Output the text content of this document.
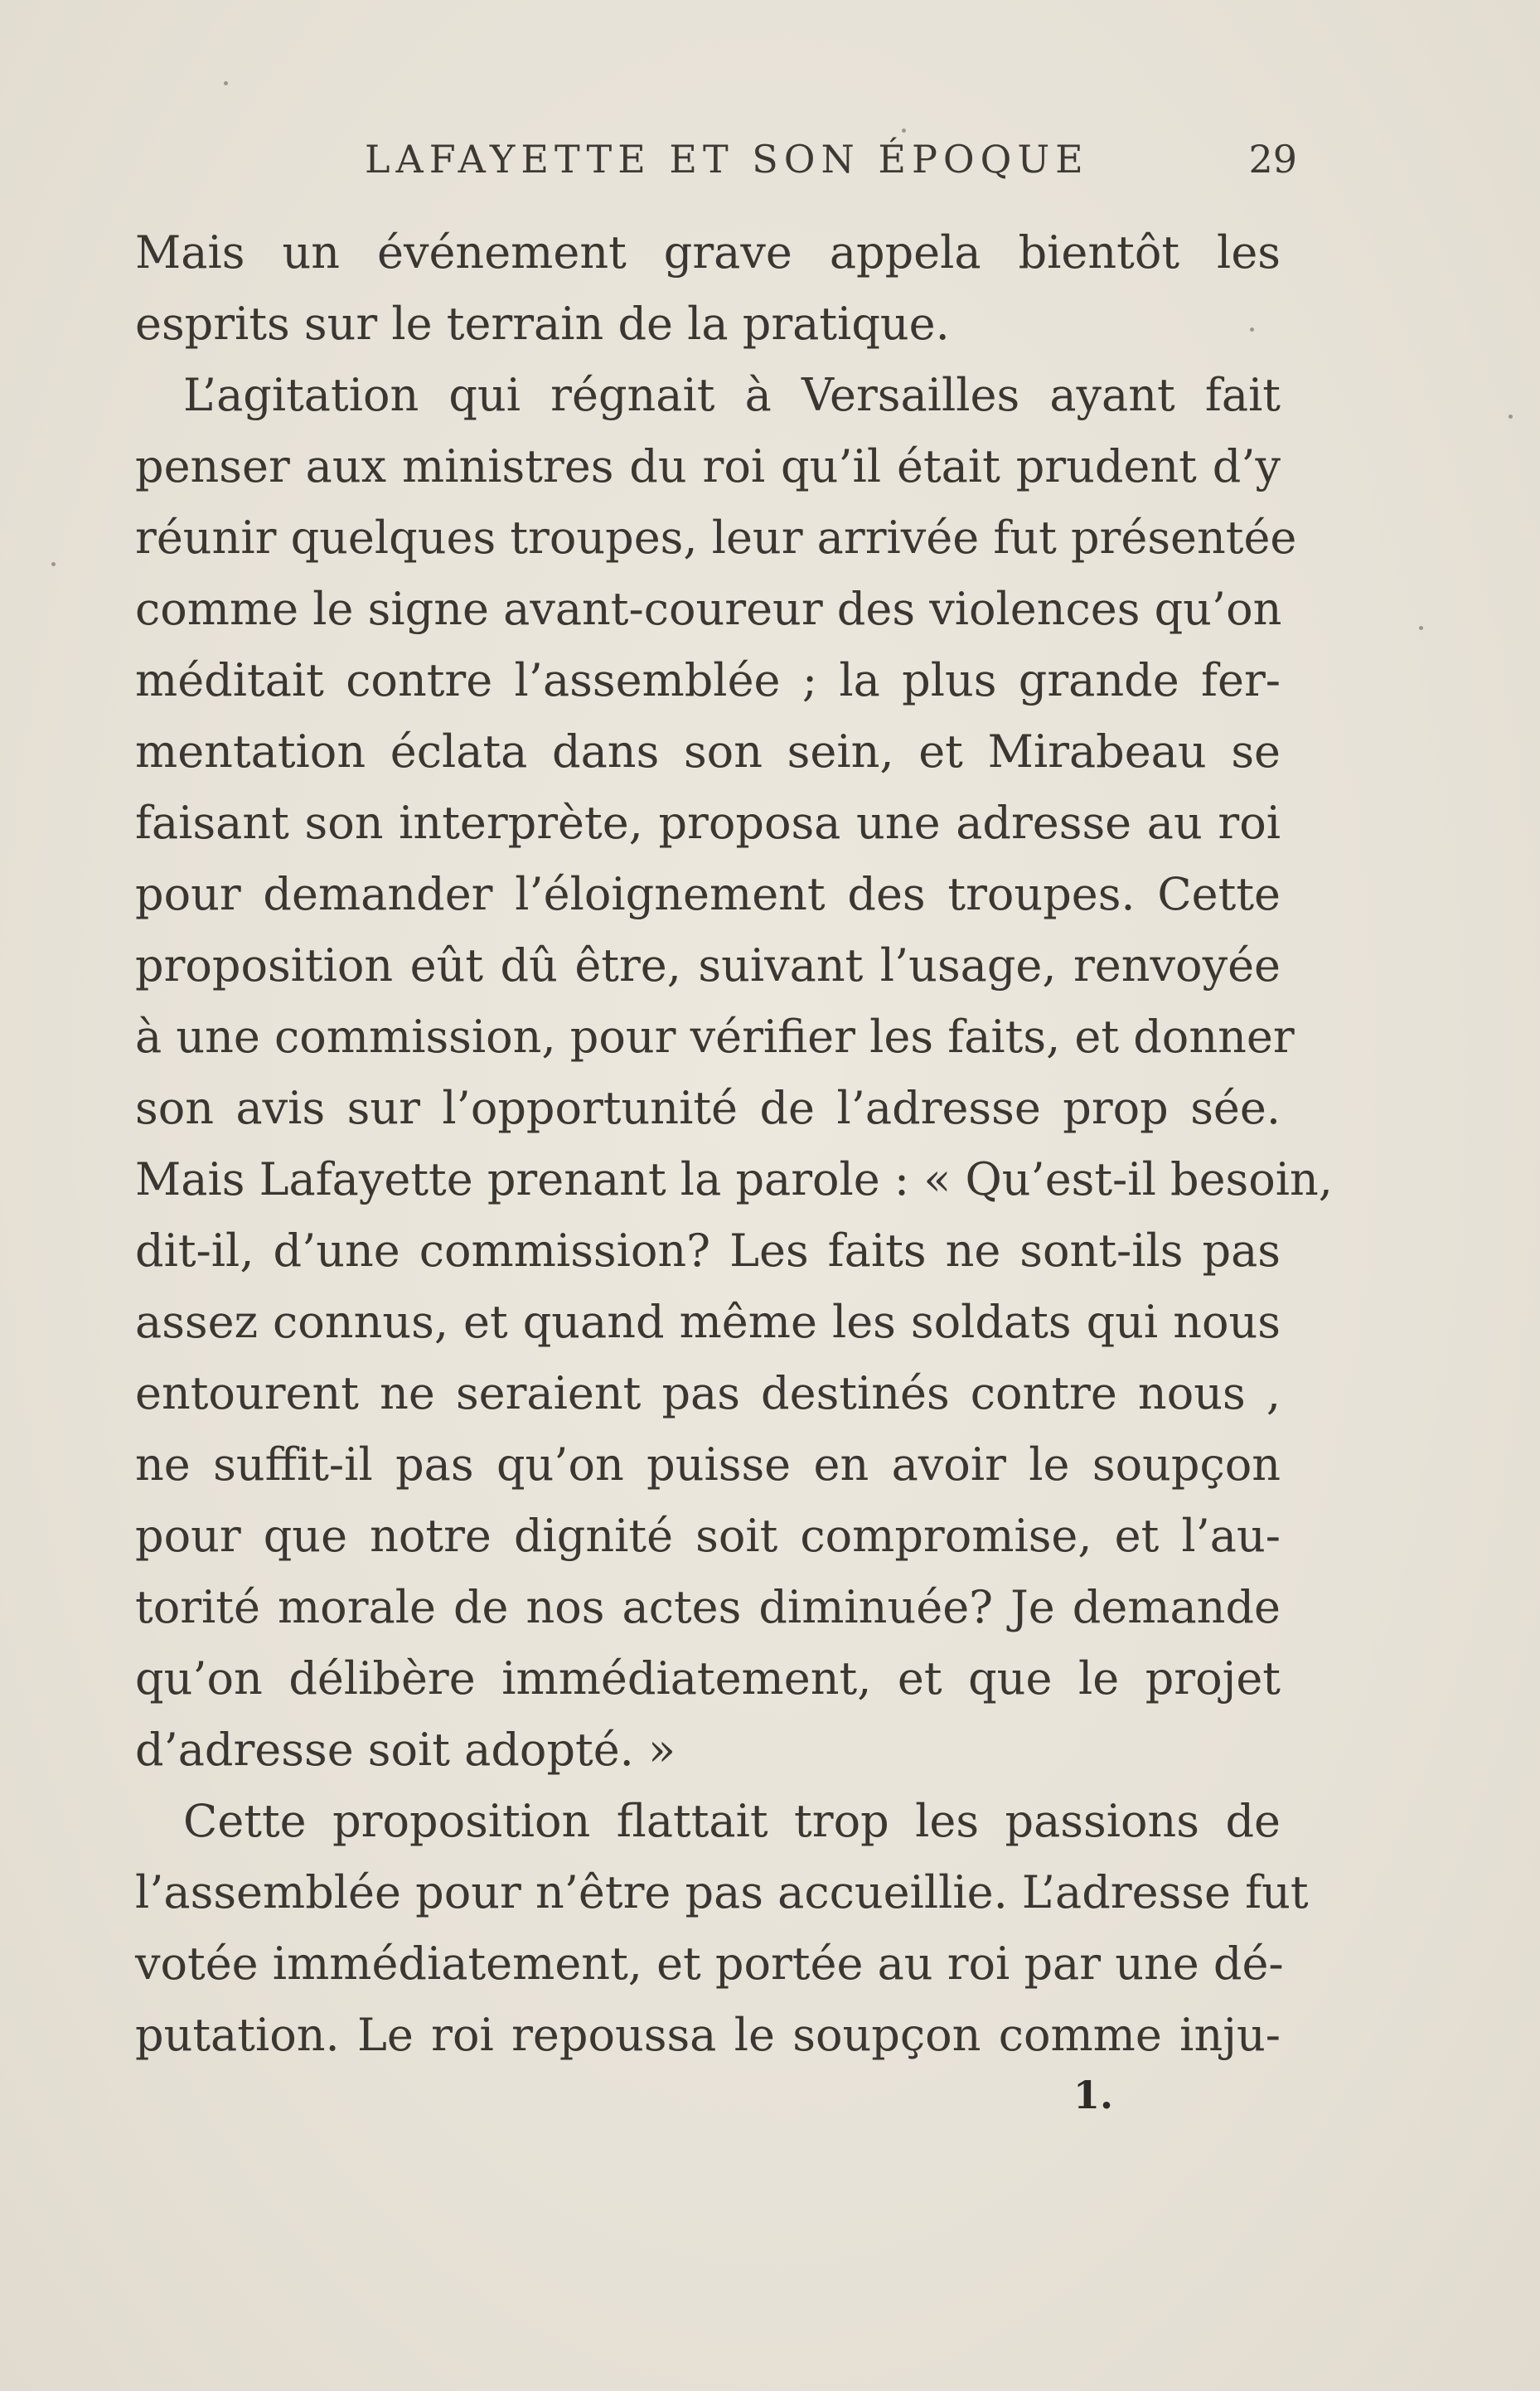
LAFAYETTE ET SON ÉPOQUE	29
Mais un événement grave appela bientôt les
esprits sur le terrain de la pratique.
L’agitation qui régnait à Versailles ayant fait
penser aux ministres du roi qu’il était prudent d’y
réunir quelques troupes, leur arrivée fut présentée
comme le signe avant-coureur des violences qu’on
méditait contre l’assemblée ; la plus grande fer-
mentation éclata dans son sein, et Mirabeau se
faisant son interprète, proposa une adresse au roi
pour demander l’éloignement des troupes. Cette
proposition eût dû être, suivant l’usage, renvoyée
à une commission, pour vérifier les faits, et donner
son avis sur l’opportunité de l’adresse prop sée.
Mais Lafayette prenant la parole : « Qu’est-il besoin,
dit-il, d’une commission? Les faits ne sont-ils pas
assez connus, et quand même les soldats qui nous
entourent ne seraient pas destinés contre nous ,
ne suffit-il pas qu’on puisse en avoir le soupçon
pour que notre dignité soit compromise, et l’au-
torité morale de nos actes diminuée? Je demande
qu’on délibère immédiatement, et que le projet
d’adresse soit adopté. »
Cette proposition flattait trop les passions de
l’assemblée pour n’être pas accueillie. L’adresse fut
votée immédiatement, et portée au roi par une dé-
putation. Le roi repoussa le soupçon comme inju-
1.
